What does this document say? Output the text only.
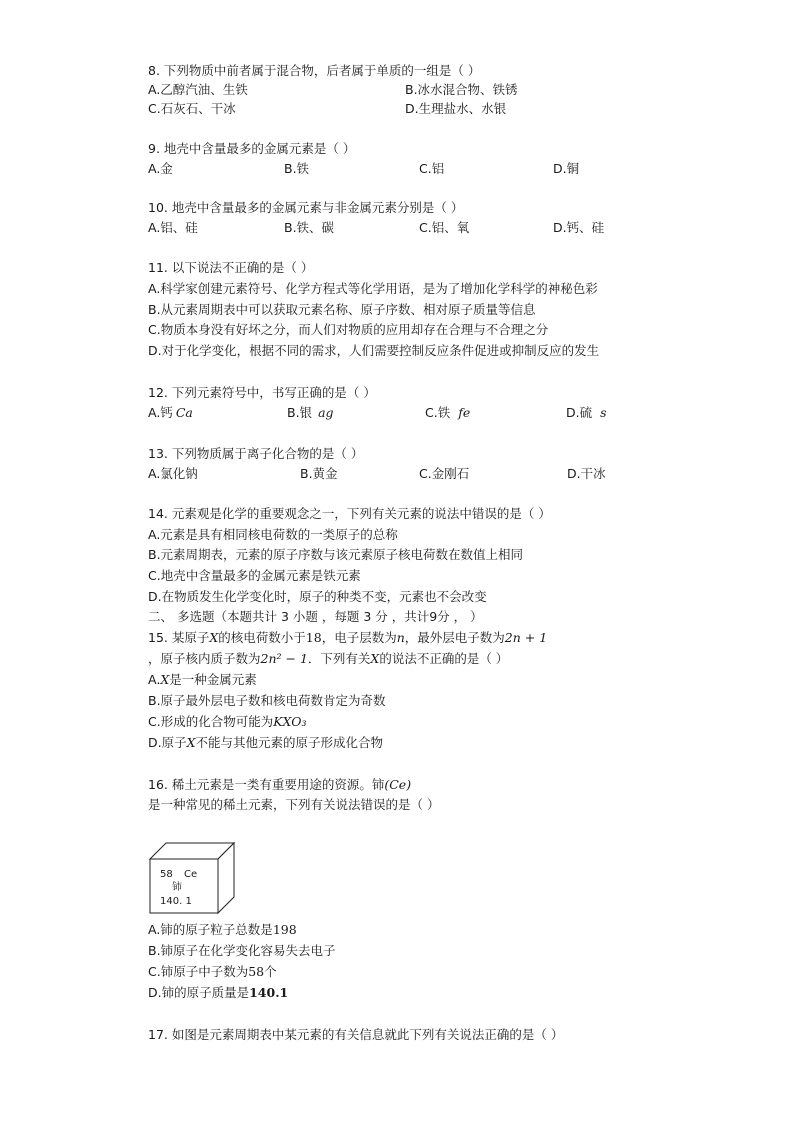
8. 下列物质中前者属于混合物，后者属于单质的一组是（ ）
A.乙醇汽油、生铁	B.冰水混合物、铁锈
C.石灰石、干冰	D.生理盐水、水银
9. 地壳中含量最多的金属元素是（ ）
A.金	B.铁	C.铝	D.铜
10. 地壳中含量最多的金属元素与非金属元素分别是（ ）
A.铝、硅	B.铁、碳	C.铝、氧	D.钙、硅
11. 以下说法不正确的是（ ）
A.科学家创建元素符号、化学方程式等化学用语，是为了增加化学科学的神秘色彩
B.从元素周期表中可以获取元素名称、原子序数、相对原子质量等信息
C.物质本身没有好坏之分，而人们对物质的应用却存在合理与不合理之分
D.对于化学变化，根据不同的需求，人们需要控制反应条件促进或抑制反应的发生
12. 下列元素符号中，书写正确的是（ ）
A.钙 Ca	B.银 ag	C.铁 fe	D.硫 s
13. 下列物质属于离子化合物的是（ ）
A.氯化钠	B.黄金	C.金刚石	D.干冰
14. 元素观是化学的重要观念之一，下列有关元素的说法中错误的是（ ）
A.元素是具有相同核电荷数的一类原子的总称
B.元素周期表，元素的原子序数与该元素原子核电荷数在数值上相同
C.地壳中含量最多的金属元素是铁元素
D.在物质发生化学变化时，原子的种类不变，元素也不会改变
二、 多选题（本题共计 3 小题 ，每题 3 分 ，共计9分 ， ）
15. 某原子X的核电荷数小于18，电子层数为n，最外层电子数为2n + 1
，原子核内质子数为2n² − 1．下列有关X的说法不正确的是（ ）
A.X是一种金属元素
B.原子最外层电子数和核电荷数肯定为奇数
C.形成的化合物可能为KXO₃
D.原子X不能与其他元素的原子形成化合物
16. 稀土元素是一类有重要用途的资源。铈(Ce)
是一种常见的稀土元素，下列有关说法错误的是（ ）
58 Ce
铈
140. 1
A.铈的原子粒子总数是198
B.铈原子在化学变化容易失去电子
C.铈原子中子数为58个
D.铈的原子质量是140.1
17. 如图是元素周期表中某元素的有关信息就此下列有关说法正确的是（ ）
